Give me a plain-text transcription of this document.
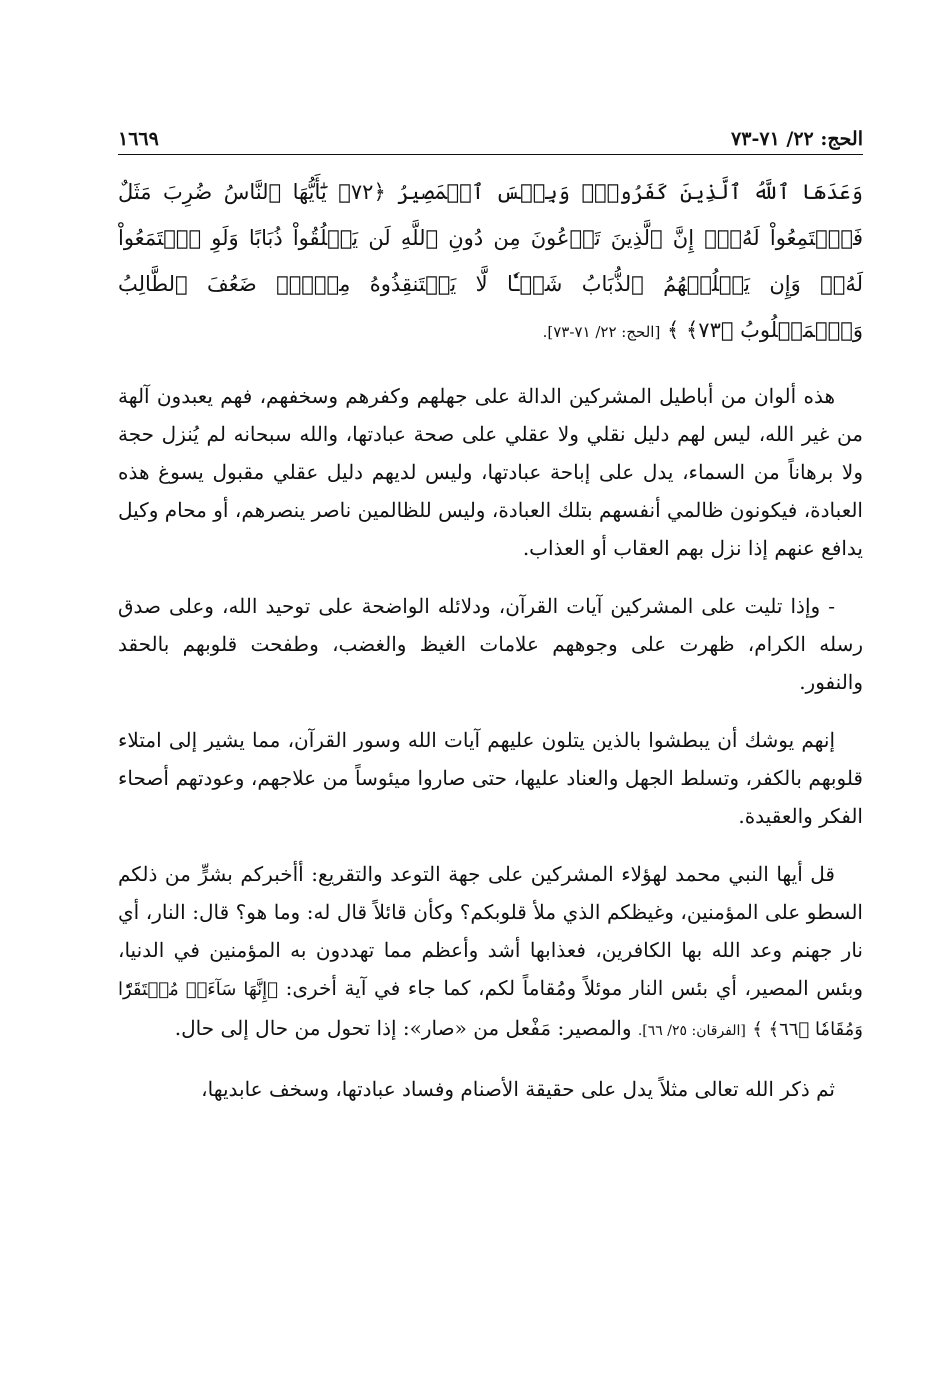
الحج: ٢٢/ ٧١-٧٣
١٦٦٩
وَعَدَهَا ٱللَّهُ ٱلَّذِينَ كَفَرُواْۖ وَبِئۡسَ ٱلۡمَصِيرُ ﴿٧٢﴾ يَٰٓأَيُّهَا ٱلنَّاسُ ضُرِبَ مَثَلٌ فَٱسۡتَمِعُواْ لَهُۥٓۚ إِنَّ ٱلَّذِينَ تَدۡعُونَ مِن دُونِ ٱللَّهِ لَن يَخۡلُقُواْ ذُبَابًا وَلَوِ ٱجۡتَمَعُواْ لَهُۥۖ وَإِن يَسۡلُبۡهُمُ ٱلذُّبَابُ شَيۡـٔٗا لَّا يَسۡتَنقِذُوهُ مِنۡهُۚ ضَعُفَ ٱلطَّالِبُ وَٱلۡمَطۡلُوبُ ﴿٧٣﴾ ﴾ [الحج: ٢٢/ ٧١-٧٣].

هذه ألوان من أباطيل المشركين الدالة على جهلهم وكفرهم وسخفهم، فهم يعبدون آلهة من غير الله، ليس لهم دليل نقلي ولا عقلي على صحة عبادتها، والله سبحانه لم يُنزل حجة ولا برهاناً من السماء، يدل على إباحة عبادتها، وليس لديهم دليل عقلي مقبول يسوغ هذه العبادة، فيكونون ظالمي أنفسهم بتلك العبادة، وليس للظالمين ناصر ينصرهم، أو محام وكيل يدافع عنهم إذا نزل بهم العقاب أو العذاب.

- وإذا تليت على المشركين آيات القرآن، ودلائله الواضحة على توحيد الله، وعلى صدق رسله الكرام، ظهرت على وجوههم علامات الغيظ والغضب، وطفحت قلوبهم بالحقد والنفور.

إنهم يوشك أن يبطشوا بالذين يتلون عليهم آيات الله وسور القرآن، مما يشير إلى امتلاء قلوبهم بالكفر، وتسلط الجهل والعناد عليها، حتى صاروا ميئوساً من علاجهم، وعودتهم أصحاء الفكر والعقيدة.

قل أيها النبي محمد لهؤلاء المشركين على جهة التوعد والتقريع: أأخبركم بشرٍّ من ذلكم السطو على المؤمنين، وغيظكم الذي ملأ قلوبكم؟ وكأن قائلاً قال له: وما هو؟ قال: النار، أي نار جهنم وعد الله بها الكافرين، فعذابها أشد وأعظم مما تهددون به المؤمنين في الدنيا، وبئس المصير، أي بئس النار موئلاً ومُقاماً لكم، كما جاء في آية أخرى: ﴿إِنَّهَا سَآءَتۡ مُسۡتَقَرّٗا وَمُقَامٗا ﴿٦٦﴾ ﴾ [الفرقان: ٢٥/ ٦٦]. والمصير: مَفْعل من «صار»: إذا تحول من حال إلى حال.

ثم ذكر الله تعالى مثلاً يدل على حقيقة الأصنام وفساد عبادتها، وسخف عابديها،
